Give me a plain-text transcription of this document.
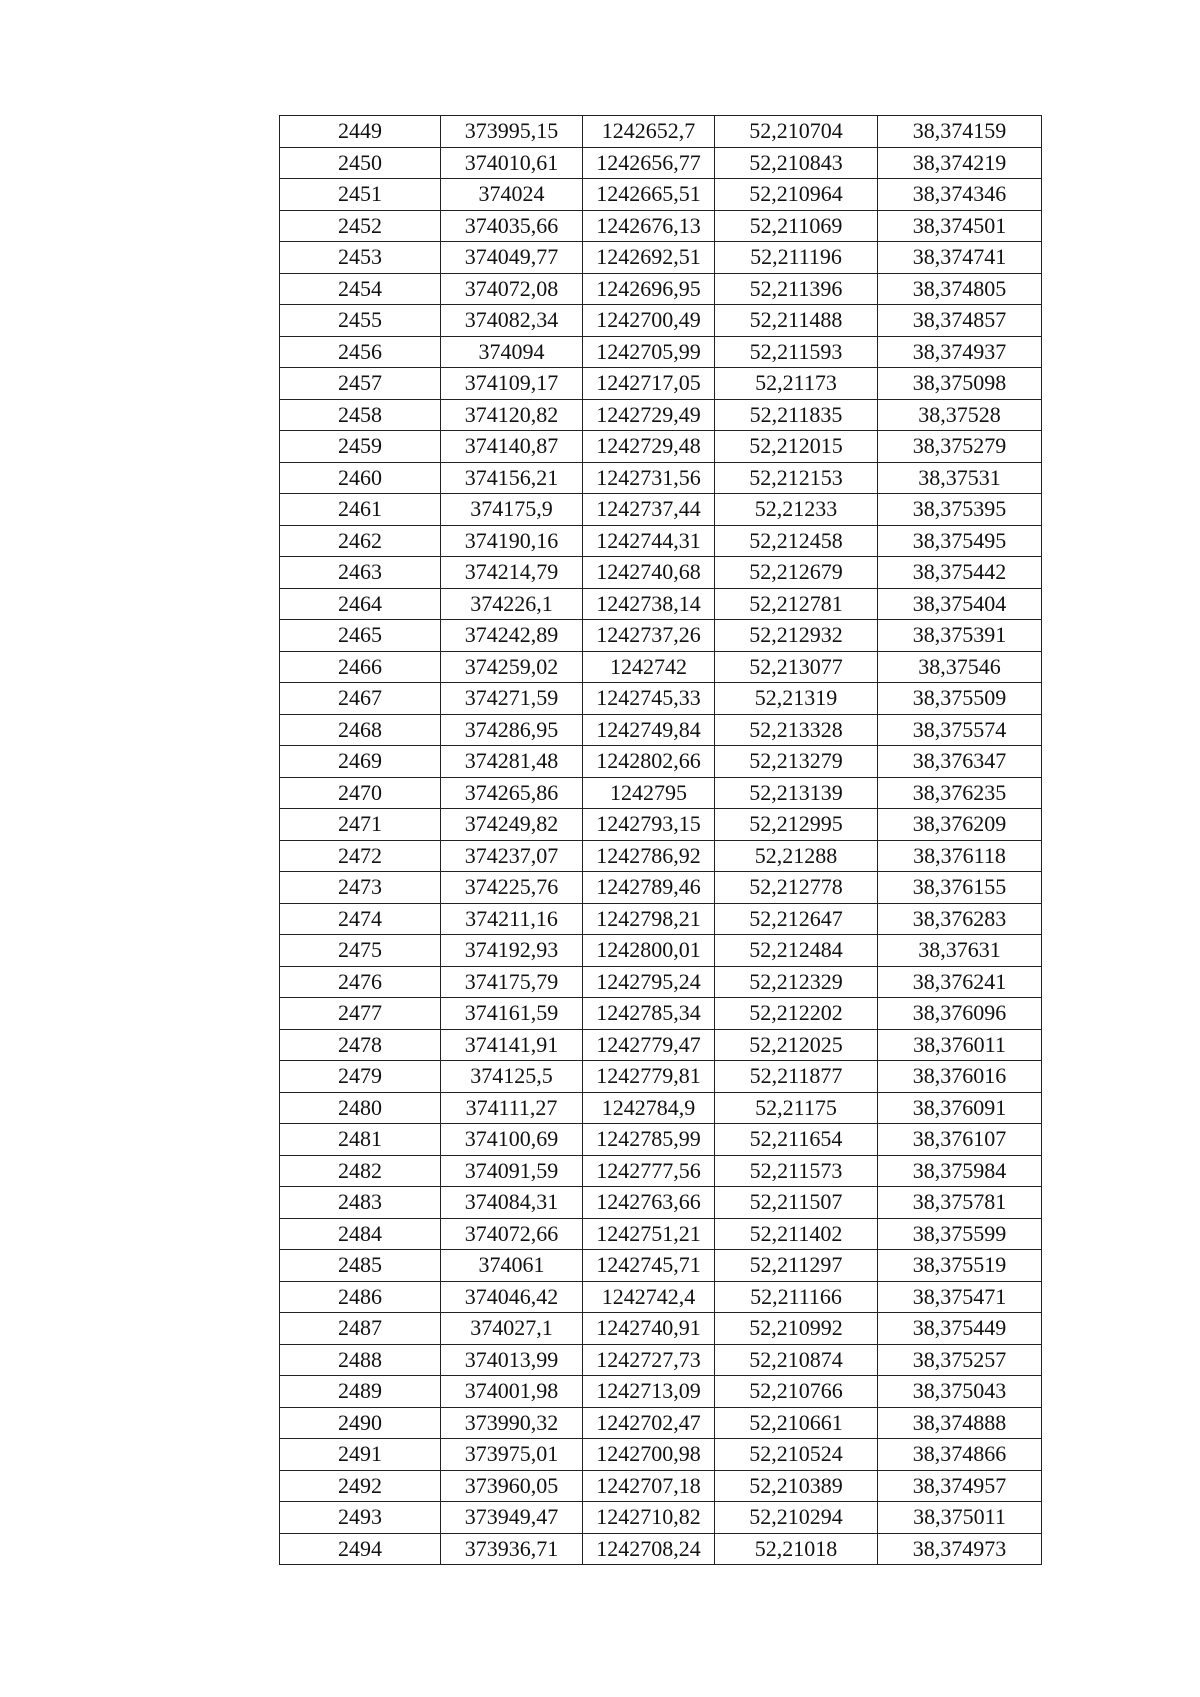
2449	373995,15	1242652,7	52,210704	38,374159
2450	374010,61	1242656,77	52,210843	38,374219
2451	374024	1242665,51	52,210964	38,374346
2452	374035,66	1242676,13	52,211069	38,374501
2453	374049,77	1242692,51	52,211196	38,374741
2454	374072,08	1242696,95	52,211396	38,374805
2455	374082,34	1242700,49	52,211488	38,374857
2456	374094	1242705,99	52,211593	38,374937
2457	374109,17	1242717,05	52,21173	38,375098
2458	374120,82	1242729,49	52,211835	38,37528
2459	374140,87	1242729,48	52,212015	38,375279
2460	374156,21	1242731,56	52,212153	38,37531
2461	374175,9	1242737,44	52,21233	38,375395
2462	374190,16	1242744,31	52,212458	38,375495
2463	374214,79	1242740,68	52,212679	38,375442
2464	374226,1	1242738,14	52,212781	38,375404
2465	374242,89	1242737,26	52,212932	38,375391
2466	374259,02	1242742	52,213077	38,37546
2467	374271,59	1242745,33	52,21319	38,375509
2468	374286,95	1242749,84	52,213328	38,375574
2469	374281,48	1242802,66	52,213279	38,376347
2470	374265,86	1242795	52,213139	38,376235
2471	374249,82	1242793,15	52,212995	38,376209
2472	374237,07	1242786,92	52,21288	38,376118
2473	374225,76	1242789,46	52,212778	38,376155
2474	374211,16	1242798,21	52,212647	38,376283
2475	374192,93	1242800,01	52,212484	38,37631
2476	374175,79	1242795,24	52,212329	38,376241
2477	374161,59	1242785,34	52,212202	38,376096
2478	374141,91	1242779,47	52,212025	38,376011
2479	374125,5	1242779,81	52,211877	38,376016
2480	374111,27	1242784,9	52,21175	38,376091
2481	374100,69	1242785,99	52,211654	38,376107
2482	374091,59	1242777,56	52,211573	38,375984
2483	374084,31	1242763,66	52,211507	38,375781
2484	374072,66	1242751,21	52,211402	38,375599
2485	374061	1242745,71	52,211297	38,375519
2486	374046,42	1242742,4	52,211166	38,375471
2487	374027,1	1242740,91	52,210992	38,375449
2488	374013,99	1242727,73	52,210874	38,375257
2489	374001,98	1242713,09	52,210766	38,375043
2490	373990,32	1242702,47	52,210661	38,374888
2491	373975,01	1242700,98	52,210524	38,374866
2492	373960,05	1242707,18	52,210389	38,374957
2493	373949,47	1242710,82	52,210294	38,375011
2494	373936,71	1242708,24	52,21018	38,374973
